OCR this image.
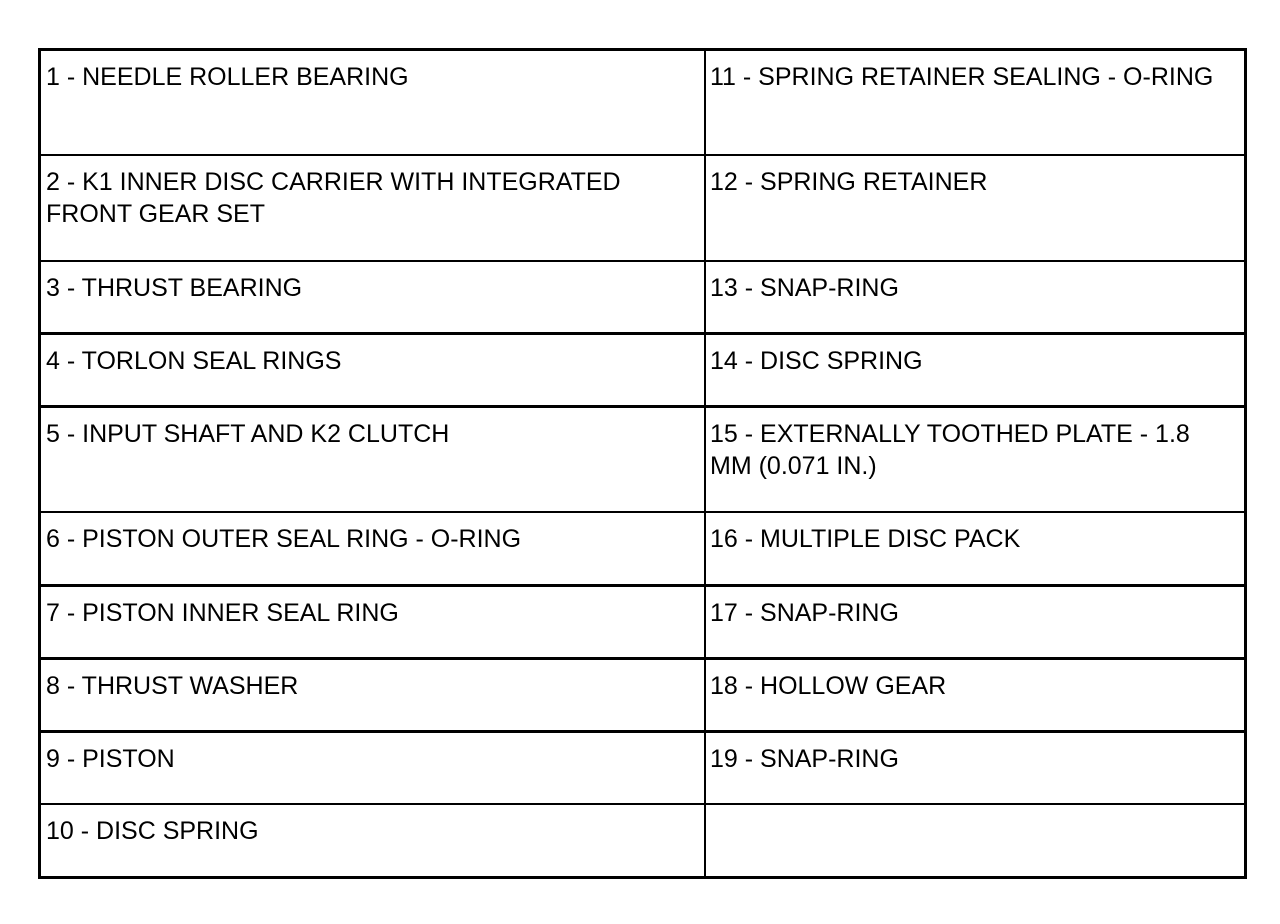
1 - NEEDLE ROLLER BEARING	11 - SPRING RETAINER SEALING - O-RING
2 - K1 INNER DISC CARRIER WITH INTEGRATED FRONT GEAR SET	12 - SPRING RETAINER
3 - THRUST BEARING	13 - SNAP-RING
4 - TORLON SEAL RINGS	14 - DISC SPRING
5 - INPUT SHAFT AND K2 CLUTCH	15 - EXTERNALLY TOOTHED PLATE - 1.8 MM (0.071 IN.)
6 - PISTON OUTER SEAL RING - O-RING	16 - MULTIPLE DISC PACK
7 - PISTON INNER SEAL RING	17 - SNAP-RING
8 - THRUST WASHER	18 - HOLLOW GEAR
9 - PISTON	19 - SNAP-RING
10 - DISC SPRING	
